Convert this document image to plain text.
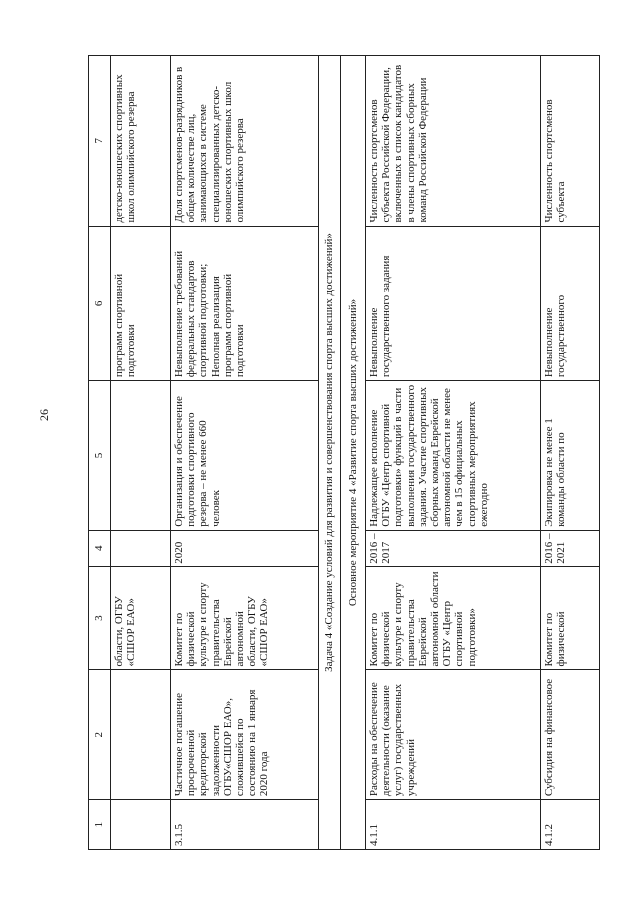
26
1
2
3
4
5
6
7
области, ОГБУ «СШОР ЕАО»
программ спортивной подготовки
детско-юношеских спортивных школ олимпийского резерва
3.1.5
Частичное погашение просроченной кредиторской задолженности ОГБУ«СШОР ЕАО», сложившейся по состоянию на 1 января 2020 года
Комитет по физической культуре и спорту правительства Еврейской автономной области, ОГБУ «СШОР ЕАО»
2020
Организация и обеспечение подготовки спортивного резерва – не менее 660 человек
Невыполнение требований федеральных стандартов спортивной подготовки; Неполная реализация программ спортивной подготовки
Доля спортсменов-разрядников в общем количестве лиц, занимающихся в системе специализированных детско-юношеских спортивных школ олимпийского резерва
Задача 4 «Создание условий для развития и совершенствования спорта высших достижений»	Основное мероприятие 4 «Развитие спорта высших достижений»
4.1.1
Расходы на обеспечение деятельности (оказание услуг) государственных учреждений
Комитет по физической культуре и спорту правительства Еврейской автономной области ОГБУ «Центр спортивной подготовки»
2016 – 2017
Надлежащее исполнение ОГБУ «Центр спортивной подготовки» функций в части выполнения государственного задания. Участие спортивных сборных команд Еврейской автономной области не менее чем в 15 официальных спортивных мероприятиях ежегодно
Невыполнение государственного задания
Численность спортсменов субъекта Российской Федерации, включенных в список кандидатов в члены спортивных сборных команд Российской Федерации
4.1.2
Субсидия на финансовое
Комитет по физической
2016 – 2021
Экипировка не менее 1 команды области по
Невыполнение государственного
Численность спортсменов субъекта
